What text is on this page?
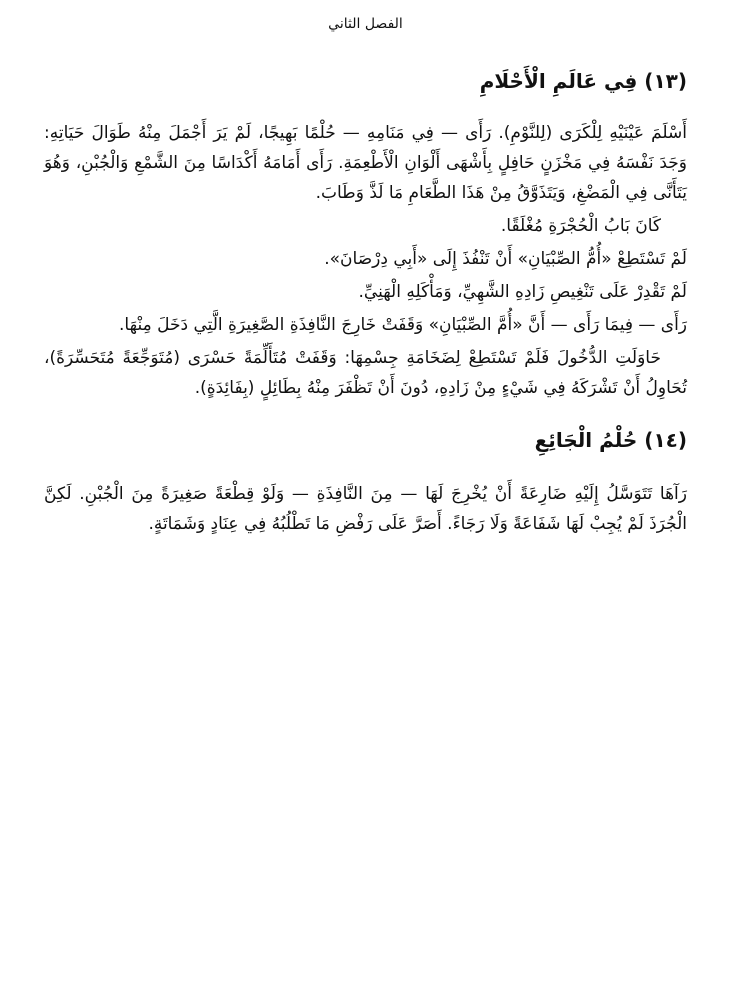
الفصل الثاني
(١٣) فِي عَالَمِ الْأَحْلَامِ

أَسْلَمَ عَيْنَيْهِ لِلْكَرَى (لِلنَّوْمِ). رَأَى — فِي مَنَامِهِ — حُلْمًا بَهِيجًا، لَمْ يَرَ أَجْمَلَ مِنْهُ طَوَالَ حَيَاتِهِ: وَجَدَ نَفْسَهُ فِي مَخْزَنٍ حَافِلٍ بِأَشْهَى أَلْوَانِ الْأَطْعِمَةِ. رَأَى أَمَامَهُ أَكْدَاسًا مِنَ الشَّمْعِ وَالْجُبْنِ، وَهُوَ يَتَأَنَّى فِي الْمَضْغِ، وَيَتَذَوَّقُ مِنْ هَذَا الطَّعَامِ مَا لَذَّ وَطَابَ.

كَانَ بَابُ الْحُجْرَةِ مُغْلَقًا.

لَمْ تَسْتَطِعْ «أُمُّ الصِّبْيَانِ» أَنْ تَنْفُذَ إِلَى «أَبِي دِرْصَانَ».

لَمْ تَقْدِرْ عَلَى تَنْغِيصِ زَادِهِ الشَّهِيِّ، وَمَأْكَلِهِ الْهَنِيِّ.

رَأَى — فِيمَا رَأَى — أَنَّ «أُمَّ الصِّبْيَانِ» وَقَفَتْ خَارِجَ النَّافِذَةِ الصَّغِيرَةِ الَّتِي دَخَلَ مِنْهَا.

حَاوَلَتِ الدُّخُولَ فَلَمْ تَسْتَطِعْ لِضَخَامَةِ جِسْمِهَا: وَقَفَتْ مُتَأَلِّمَةً حَسْرَى (مُتَوَجِّعَةً مُتَحَسِّرَةً)، تُحَاوِلُ أَنْ تَشْرَكَهُ فِي شَيْءٍ مِنْ زَادِهِ، دُونَ أَنْ تَظْفَرَ مِنْهُ بِطَائِلٍ (بِفَائِدَةٍ).

(١٤) حُلْمُ الْجَائِعِ

رَآهَا تَتَوَسَّلُ إِلَيْهِ ضَارِعَةً أَنْ يُخْرِجَ لَهَا — مِنَ النَّافِذَةِ — وَلَوْ قِطْعَةً صَغِيرَةً مِنَ الْجُبْنِ. لَكِنَّ الْجُرَذَ لَمْ يُجِبْ لَهَا شَفَاعَةً وَلَا رَجَاءً. أَصَرَّ عَلَى رَفْضِ مَا تَطْلُبُهُ فِي عِنَادٍ وَشَمَاتَةٍ.
